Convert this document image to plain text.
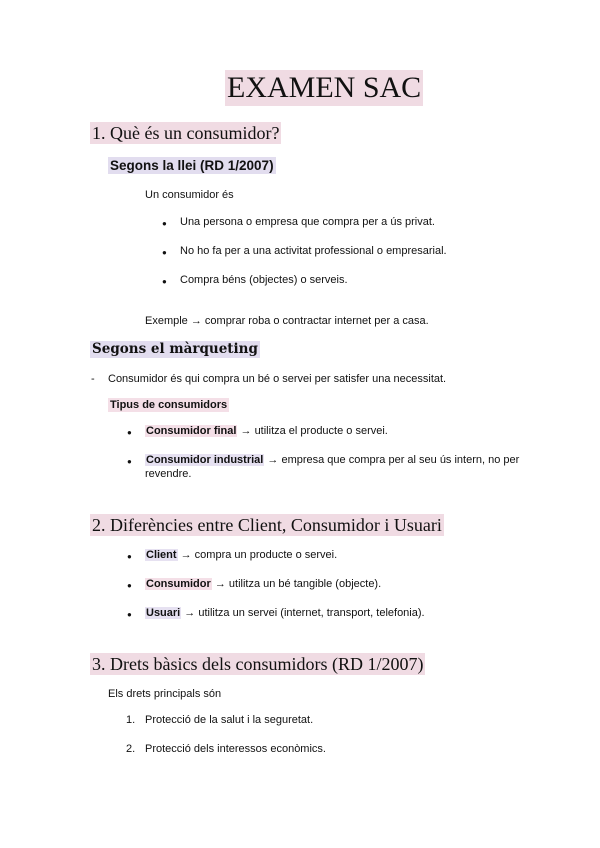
EXAMEN SAC
1. Què és un consumidor?
Segons la llei (RD 1/2007)
Un consumidor és
● Una persona o empresa que compra per a ús privat.
● No ho fa per a una activitat professional o empresarial.
● Compra béns (objectes) o serveis.
Exemple → comprar roba o contractar internet per a casa.
Segons el màrqueting
- Consumidor és qui compra un bé o servei per satisfer una necessitat.
Tipus de consumidors
● Consumidor final → utilitza el producte o servei.
● Consumidor industrial → empresa que compra per al seu ús intern, no per
revendre.
2. Diferències entre Client, Consumidor i Usuari
● Client → compra un producte o servei.
● Consumidor → utilitza un bé tangible (objecte).
● Usuari → utilitza un servei (internet, transport, telefonia).
3. Drets bàsics dels consumidors (RD 1/2007)
Els drets principals són
1. Protecció de la salut i la seguretat.
2. Protecció dels interessos econòmics.
